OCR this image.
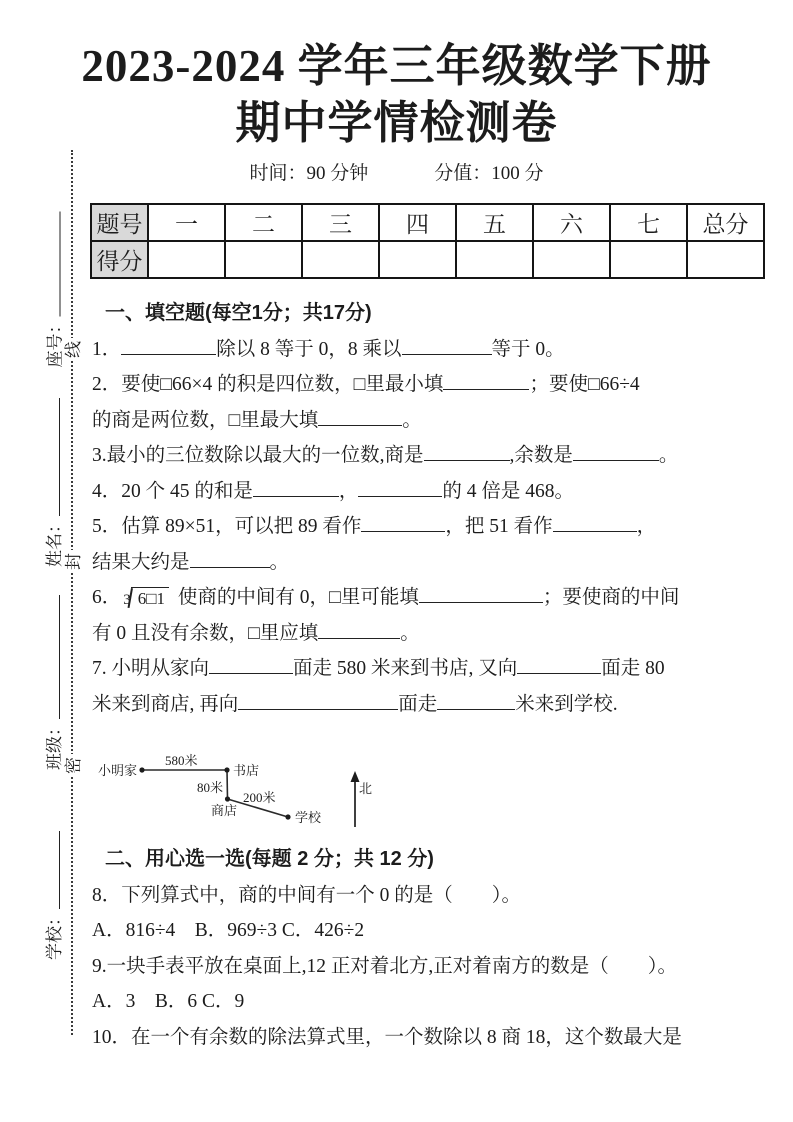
2023-2024 学年三年级数学下册
期中学情检测卷
时间：90 分钟	分值：100 分
题号	一	二	三	四	五	六	七	总分
得分								
座号：
姓名：
班级：
学校：
线
封
密
一、填空题(每空1分；共17分)
1．	除以 8 等于 0，8 乘以	等于 0。
2．要使□66×4 的积是四位数，□里最小填	；要使□66÷4
的商是两位数，□里最大填	。
3.最小的三位数除以最大的一位数,商是	,余数是	。
4．20 个 45 的和是	，	的 4 倍是 468。
5．估算 89×51，可以把 89 看作	，把 51 看作	，
结果大约是	。
6． 3 6□1 使商的中间有 0，□里可能填	；要使商的中间
有 0 且没有余数，□里应填	。
7. 小明从家向	面走 580 米来到书店, 又向	面走 80
米来到商店, 再向	面走	米来到学校.
二、用心选一选(每题 2 分；共 12 分)
8．下列算式中，商的中间有一个 0 的是（　　）。
A．816÷4　B．969÷3 C．426÷2
9.一块手表平放在桌面上,12 正对着北方,正对着南方的数是（　　）。
A．3　B．6 C．9
10．在一个有余数的除法算式里，一个数除以 8 商 18，这个数最大是
小明家
580米
书店
80米
200米
商店	学校
北
